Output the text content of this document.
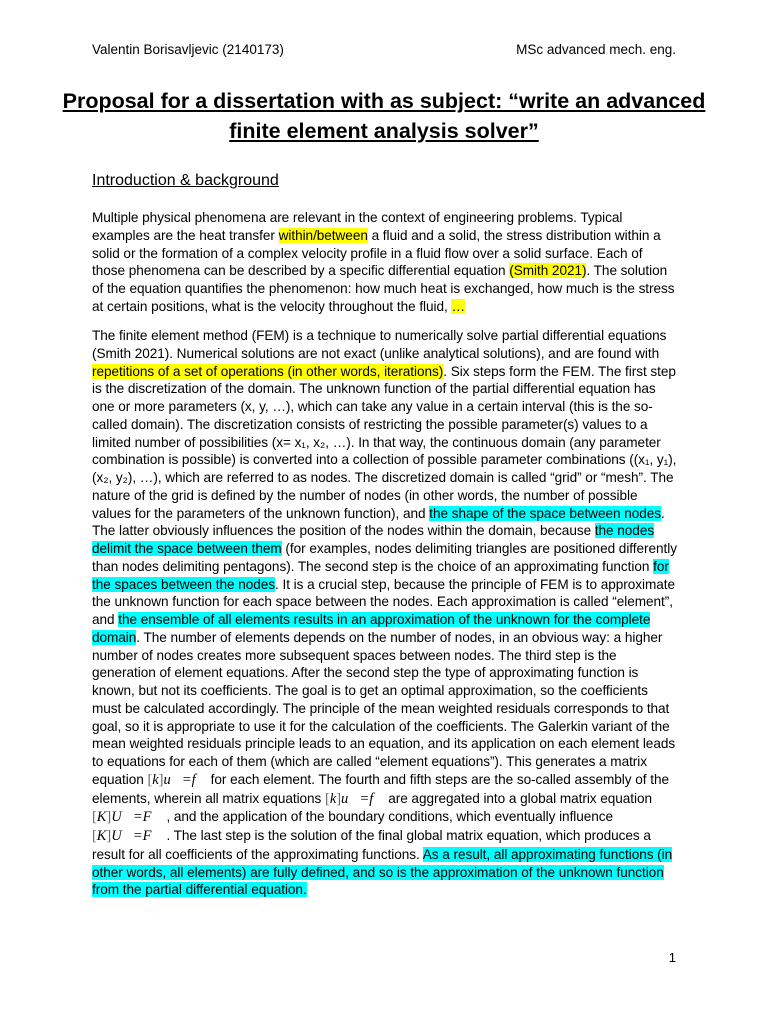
Valentin Borisavljevic (2140173)	MSc advanced mech. eng.
Proposal for a dissertation with as subject: “write an advanced finite element analysis solver”
Introduction & background
Multiple physical phenomena are relevant in the context of engineering problems. Typical examples are the heat transfer within/between a fluid and a solid, the stress distribution within a solid or the formation of a complex velocity profile in a fluid flow over a solid surface. Each of those phenomena can be described by a specific differential equation (Smith 2021). The solution of the equation quantifies the phenomenon: how much heat is exchanged, how much is the stress at certain positions, what is the velocity throughout the fluid, …
The finite element method (FEM) is a technique to numerically solve partial differential equations (Smith 2021). Numerical solutions are not exact (unlike analytical solutions), and are found with repetitions of a set of operations (in other words, iterations). Six steps form the FEM. The first step is the discretization of the domain. The unknown function of the partial differential equation has one or more parameters (x, y, …), which can take any value in a certain interval (this is the so-called domain). The discretization consists of restricting the possible parameter(s) values to a limited number of possibilities (x= x₁, x₂, …). In that way, the continuous domain (any parameter combination is possible) is converted into a collection of possible parameter combinations ((x₁, y₁), (x₂, y₂), …), which are referred to as nodes. The discretized domain is called “grid” or “mesh”. The nature of the grid is defined by the number of nodes (in other words, the number of possible values for the parameters of the unknown function), and the shape of the space between nodes. The latter obviously influences the position of the nodes within the domain, because the nodes delimit the space between them (for examples, nodes delimiting triangles are positioned differently than nodes delimiting pentagons). The second step is the choice of an approximating function for the spaces between the nodes. It is a crucial step, because the principle of FEM is to approximate the unknown function for each space between the nodes. Each approximation is called “element”, and the ensemble of all elements results in an approximation of the unknown for the complete domain. The number of elements depends on the number of nodes, in an obvious way: a higher number of nodes creates more subsequent spaces between nodes. The third step is the generation of element equations. After the second step the type of approximating function is known, but not its coefficients. The goal is to get an optimal approximation, so the coefficients must be calculated accordingly. The principle of the mean weighted residuals corresponds to that goal, so it is appropriate to use it for the calculation of the coefficients. The Galerkin variant of the mean weighted residuals principle leads to an equation, and its application on each element leads to equations for each of them (which are called “element equations”). This generates a matrix equation [k]u⃗=f⃗ for each element. The fourth and fifth steps are the so-called assembly of the elements, wherein all matrix equations [k]u⃗=f⃗ are aggregated into a global matrix equation [K]U⃗=F⃗ , and the application of the boundary conditions, which eventually influence [K]U⃗=F⃗ . The last step is the solution of the final global matrix equation, which produces a result for all coefficients of the approximating functions. As a result, all approximating functions (in other words, all elements) are fully defined, and so is the approximation of the unknown function from the partial differential equation.
1
